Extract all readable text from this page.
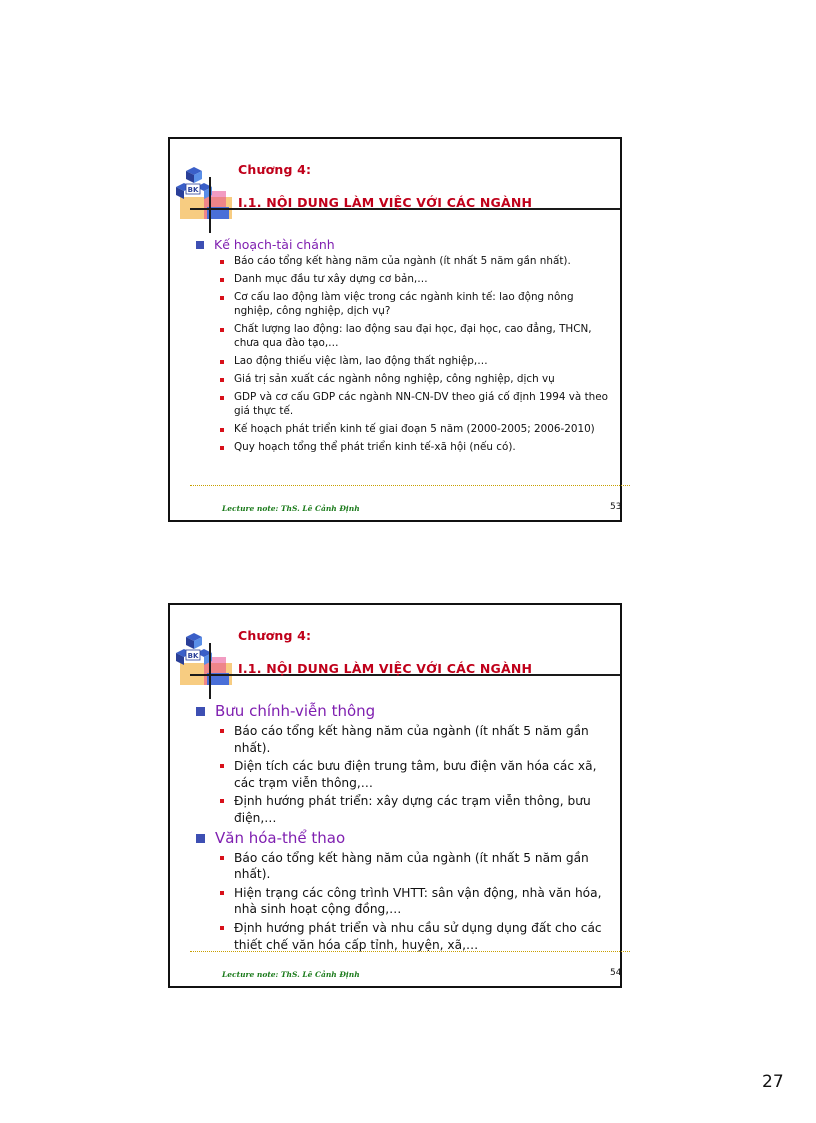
BK
Chương 4:
I.1. NỘI DUNG LÀM VIỆC VỚI CÁC NGÀNH
Kế hoạch-tài chánh
Báo cáo tổng kết hàng năm của ngành (ít nhất 5 năm gần nhất).
Danh mục đầu tư xây dựng cơ bản,…
Cơ cấu lao động làm việc trong các ngành kinh tế: lao động nông nghiệp, công nghiệp, dịch vụ?
Chất lượng lao động: lao động sau đại học, đại học, cao đẳng, THCN, chưa qua đào tạo,…
Lao động thiếu việc làm, lao động thất nghiệp,…
Giá trị sản xuất các ngành nông nghiệp, công nghiệp, dịch vụ
GDP và cơ cấu GDP các ngành NN-CN-DV theo giá cố định 1994 và theo giá thực tế.
Kế hoạch phát triển kinh tế giai đoạn 5 năm (2000-2005; 2006-2010)
Quy hoạch tổng thể phát triển kinh tế-xã hội (nếu có).
Lecture note: ThS. Lê Cảnh Định	53
BK
Chương 4:
I.1. NỘI DUNG LÀM VIỆC VỚI CÁC NGÀNH
Bưu chính-viễn thông
Báo cáo tổng kết hàng năm của ngành (ít nhất 5 năm gần nhất).
Diện tích các bưu điện trung tâm, bưu điện văn hóa các xã, các trạm viễn thông,…
Định hướng phát triển: xây dựng các trạm viễn thông, bưu điện,…
Văn hóa-thể thao
Báo cáo tổng kết hàng năm của ngành (ít nhất 5 năm gần nhất).
Hiện trạng các công trình VHTT: sân vận động, nhà văn hóa, nhà sinh hoạt cộng đồng,…
Định hướng phát triển và nhu cầu sử dụng dụng đất cho các thiết chế văn hóa cấp tỉnh, huyện, xã,…
Lecture note: ThS. Lê Cảnh Định	54
27
